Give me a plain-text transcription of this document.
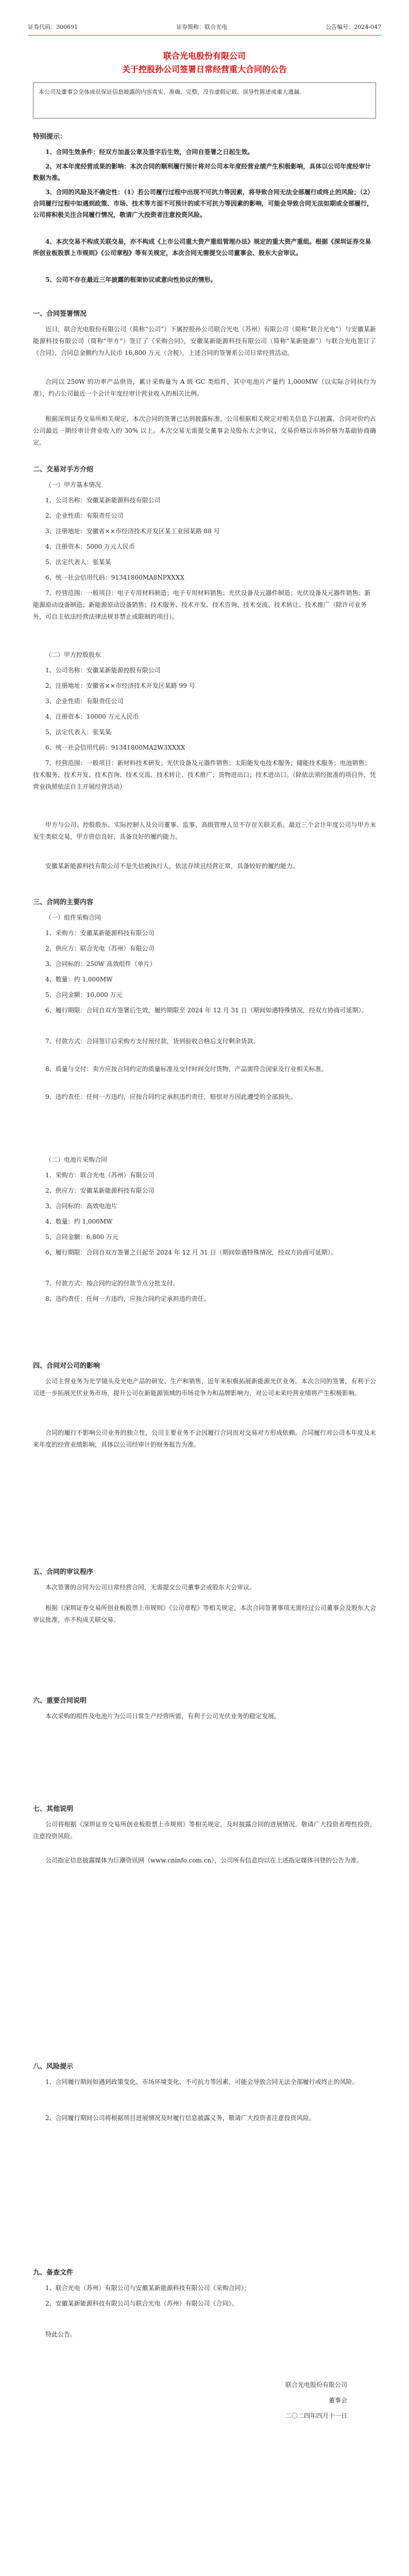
证券代码：300691	证券简称：联合光电	公告编号：2024-047
联合光电股份有限公司
关于控股孙公司签署日常经营重大合同的公告
本公司及董事会全体成员保证信息披露的内容真实、准确、完整，没有虚假记载、误导性陈述或重大遗漏。
特别提示：
1、合同生效条件：经双方加盖公章及签字后生效，合同自签署之日起生效。
2、对本年度经营成果的影响：本次合同的顺利履行预计将对公司本年度经营业绩产生积极影响，具体以公司年度经审计数据为准。
3、合同的风险及不确定性：（1）若公司履行过程中出现不可抗力等因素，将导致合同无法全部履行或终止的风险；（2）合同履行过程中如遇到政策、市场、技术等方面不可预计的或不可抗力等因素的影响，可能会导致合同无法如期或全部履行，公司将积极关注合同履行情况，敬请广大投资者注意投资风险。
4、本次交易不构成关联交易，亦不构成《上市公司重大资产重组管理办法》规定的重大资产重组。根据《深圳证券交易所创业板股票上市规则》《公司章程》等有关规定，本次合同无需提交公司董事会、股东大会审议。
5、公司不存在最近三年披露的框架协议或意向性协议的情形。
一、合同签署情况
近日，联合光电股份有限公司（简称“公司”）下属控股孙公司联合光电（苏州）有限公司（简称“联合光电”）与安徽某新能源科技有限公司（简称“甲方”）签订了《采购合同》，安徽某新能源科技有限公司（简称“某新能源”）与联合光电签订了《合同》，合同总金额约为人民币 16,800 万元（含税），上述合同的签署系公司日常经营活动。
合同以 250W 的功率产品供货，累计采购量为 A 级 GC 类组件，其中电池片产量约 1,000MW（以实际合同执行为准），约占公司最近一个会计年度经审计营业收入的相关比例。
根据深圳证券交易所相关规定，本次合同的签署已达到披露标准，公司根据相关规定对相关信息予以披露。合同对价约占公司最近一期经审计营业收入的 30% 以上。本次交易无需提交董事会及股东大会审议，交易价格以市场价格为基础协商确定。
二、交易对手方介绍
（一）甲方基本情况
1、公司名称：安徽某新能源科技有限公司
2、企业性质：有限责任公司
3、注册地址：安徽省××市经济技术开发区某工业园某路 88 号
4、注册资本：5000 万元人民币
5、法定代表人：张某某
6、统一社会信用代码：91341800MA8NPXXXX
7、经营范围：一般项目：电子专用材料制造；电子专用材料销售；光伏设备及元器件制造；光伏设备及元器件销售；新能源原动设备制造；新能源原动设备销售；技术服务、技术开发、技术咨询、技术交流、技术转让、技术推广（除许可业务外，可自主依法经营法律法规非禁止或限制的项目）。
（二）甲方控股股东
1、公司名称：安徽某新能源控股有限公司
2、注册地址：安徽省××市经济技术开发区某路 99 号
3、企业性质：有限责任公司
4、注册资本：10000 万元人民币
5、法定代表人：张某某
6、统一社会信用代码：91341800MA2W3XXXX
7、经营范围：一般项目：新材料技术研发；光伏设备及元器件销售；太阳能发电技术服务；储能技术服务；电池销售；技术服务、技术开发、技术咨询、技术交流、技术转让、技术推广；货物进出口；技术进出口。（除依法须经批准的项目外，凭营业执照依法自主开展经营活动）
甲方与公司、控股股东、实际控制人及公司董事、监事、高级管理人员不存在关联关系。最近三个会计年度公司与甲方未发生类似交易，甲方资信良好，具备良好的履约能力。
安徽某新能源科技有限公司不是失信被执行人，依法存续且经营正常，具备较好的履约能力。
三、合同的主要内容
（一）组件采购合同
1、采购方：安徽某新能源科技有限公司
2、供应方：联合光电（苏州）有限公司
3、合同标的：250W 高效组件（单片）
4、数量：约 1,000MW
5、合同金额：10,000 万元
6、履行期限：合同自双方签署后生效，履约期限至 2024 年 12 月 31 日（期间如遇特殊情况，经双方协商可延期）。
7、付款方式：合同签订后采购方支付预付款，货到验收合格后支付剩余货款。
8、质量与交付：卖方应按合同约定的质量标准及交付时间交付货物，产品需符合国家及行业相关标准。
9、违约责任：任何一方违约，应按合同约定承担违约责任，赔偿对方因此遭受的全部损失。
（二）电池片采购合同
1、采购方：联合光电（苏州）有限公司
2、供应方：安徽某新能源科技有限公司
3、合同标的：高效电池片
4、数量：约 1,000MW
5、合同金额：6,800 万元
6、履行期限：合同自双方签署之日起至 2024 年 12 月 31 日（期间如遇特殊情况，经双方协商可延期）。
7、付款方式：按合同约定的付款节点分批支付。
8、违约责任：任何一方违约，应按合同约定承担违约责任。
四、合同对公司的影响
公司主营业务为光学镜头及光电产品的研发、生产和销售，近年来积极拓展新能源光伏业务。本次合同的签署，有利于公司进一步拓展光伏业务市场，提升公司在新能源领域的市场竞争力和品牌影响力，对公司未来经营业绩将产生积极影响。
合同的履行不影响公司业务的独立性，公司主要业务不会因履行合同而对交易对方形成依赖。合同履行对公司本年度及未来年度的经营业绩影响，具体以公司经审计的财务报告为准。
五、合同的审议程序
本次签署的合同为公司日常经营合同，无需提交公司董事会或股东大会审议。
根据《深圳证券交易所创业板股票上市规则》《公司章程》等相关规定，本次合同签署事项无需经过公司董事会及股东大会审议批准，亦不构成关联交易。
六、重要合同说明
本次采购的组件及电池片为公司日常生产经营所需，有利于公司光伏业务的稳定发展。
七、其他说明
公司将根据《深圳证券交易所创业板股票上市规则》等相关规定，及时披露合同的进展情况。敬请广大投资者理性投资，注意投资风险。
公司指定信息披露媒体为巨潮资讯网（www.cninfo.com.cn），公司所有信息均以在上述指定媒体刊登的公告为准。
八、风险提示
1、合同履行期间如遇到政策变化、市场环境变化、不可抗力等因素，可能会导致合同无法全部履行或终止的风险。
2、合同履行期间公司将根据项目进展情况及时履行信息披露义务，敬请广大投资者注意投资风险。
九、备查文件
1、联合光电（苏州）有限公司与安徽某新能源科技有限公司《采购合同》；
2、安徽某新能源科技有限公司与联合光电（苏州）有限公司《合同》。
特此公告。
联合光电股份有限公司
董事会
二〇二四年四月十一日
